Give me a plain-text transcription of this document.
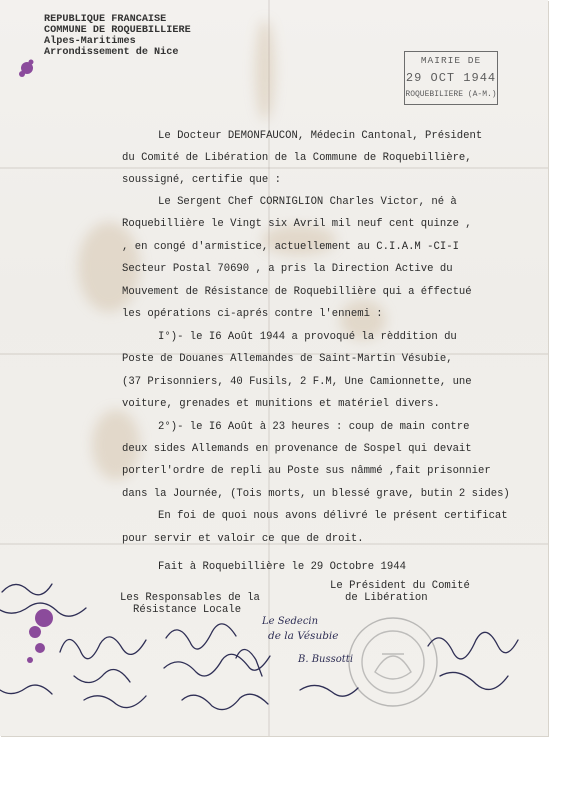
REPUBLIQUE FRANCAISE
COMMUNE DE ROQUEBILLIERE
Alpes-Maritimes
Arrondissement de Nice
MAIRIE DE
29 OCT 1944
ROQUEBILIERE (A-M.)
Le Docteur DEMONFAUCON, Médecin Cantonal, Président
du Comité de Libération de la Commune de Roquebillière,
soussigné, certifie que :
Le Sergent Chef CORNIGLION Charles Victor, né à
Roquebillière le Vingt six Avril mil neuf cent quinze ,
, en congé d'armistice, actuellement au C.I.A.M -CI-I
Secteur Postal 70690 , a pris la Direction Active du
Mouvement de Résistance de Roquebillière qui a éffectué
les opérations ci-aprés contre l'ennemi :
I°)- le I6 Août 1944 a provoqué la rèddition du
Poste de Douanes Allemandes de Saint-Martin Vésubie,
(37 Prisonniers, 40 Fusils, 2 F.M, Une Camionnette, une
voiture, grenades et munitions et matériel divers.
2°)- le I6 Août à 23 heures : coup de main contre
deux sides Allemands en provenance de Sospel qui devait
porterl'ordre de repli au Poste sus nâmmé ,fait prisonnier
dans la Journée, (Tois morts, un blessé grave, butin 2 sides)
En foi de quoi nous avons délivré le présent certificat
pour servir et valoir ce que de droit.
Fait à Roquebillière le 29 Octobre 1944
Le Président du Comité
de Libération
Les Responsables de la
Résistance Locale
Le Sedecin
de la Vésubie
B. Bussotti
